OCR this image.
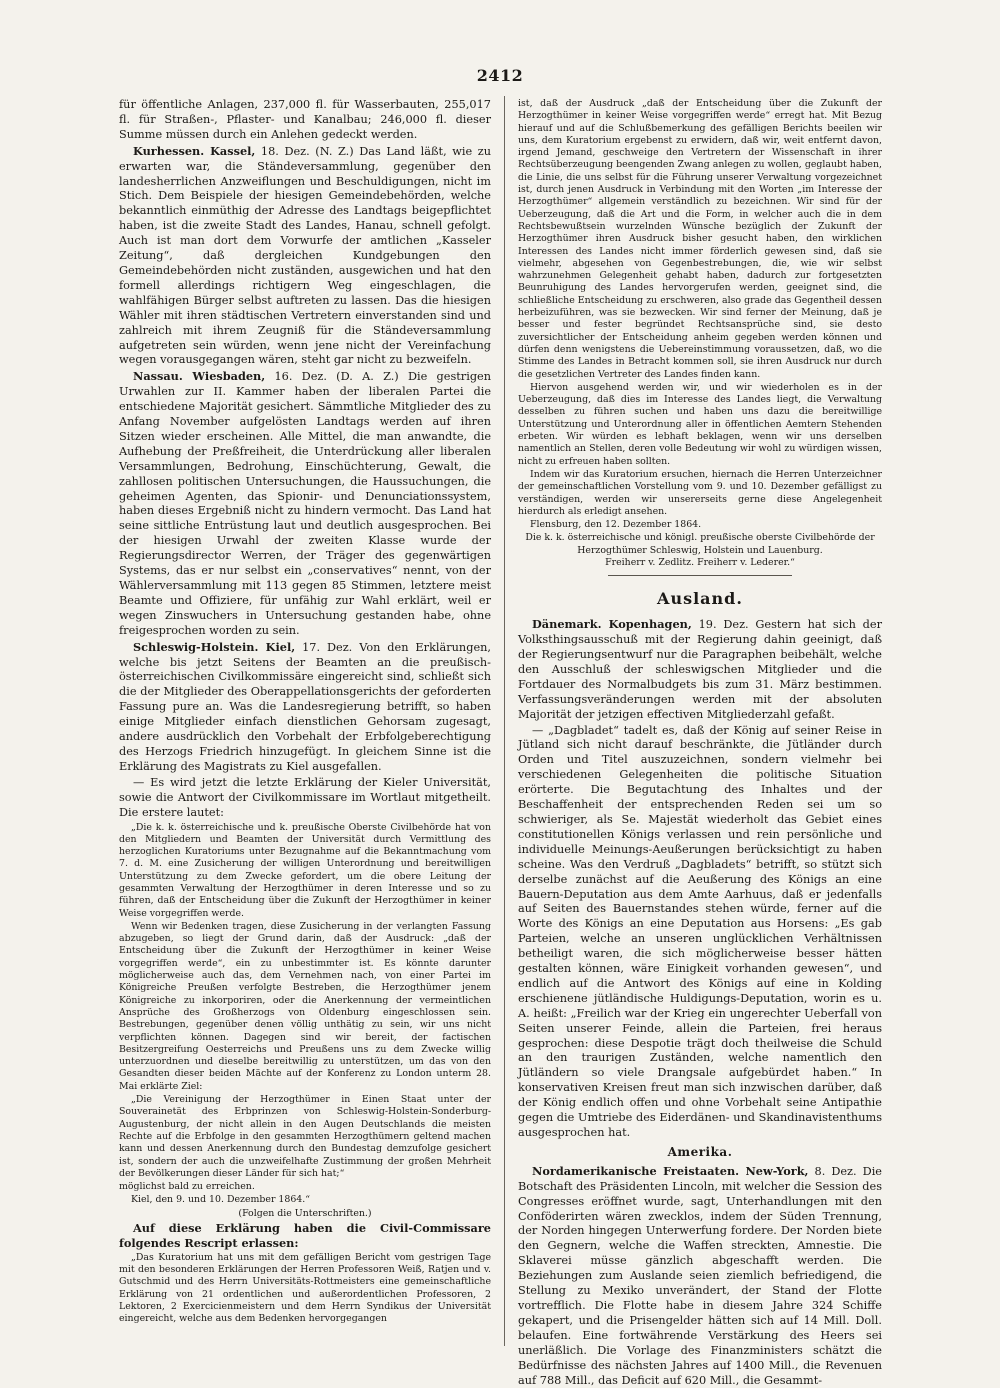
2412

für öffentliche Anlagen, 237,000 fl. für Wasserbauten, 255,017 fl. für Straßen-, Pflaster- und Kanalbau; 246,000 fl. dieser Summe müssen durch ein Anlehen gedeckt werden.

Kurhessen. Kassel, 18. Dez. (N. Z.) Das Land läßt, wie zu erwarten war, die Ständeversammlung, gegenüber den landesherrlichen Anzweiflungen und Beschuldigungen, nicht im Stich. Dem Beispiele der hiesigen Gemeindebehörden, welche bekanntlich einmüthig der Adresse des Landtags beigepflichtet haben, ist die zweite Stadt des Landes, Hanau, schnell gefolgt. Auch ist man dort dem Vorwurfe der amtlichen „Kasseler Zeitung“, daß dergleichen Kundgebungen den Gemeindebehörden nicht zuständen, ausgewichen und hat den formell allerdings richtigern Weg eingeschlagen, die wahlfähigen Bürger selbst auftreten zu lassen. Das die hiesigen Wähler mit ihren städtischen Vertretern einverstanden sind und zahlreich mit ihrem Zeugniß für die Ständeversammlung aufgetreten sein würden, wenn jene nicht der Vereinfachung wegen vorausgegangen wären, steht gar nicht zu bezweifeln.

Nassau. Wiesbaden, 16. Dez. (D. A. Z.) Die gestrigen Urwahlen zur II. Kammer haben der liberalen Partei die entschiedene Majorität gesichert. Sämmtliche Mitglieder des zu Anfang November aufgelösten Landtags werden auf ihren Sitzen wieder erscheinen. Alle Mittel, die man anwandte, die Aufhebung der Preßfreiheit, die Unterdrückung aller liberalen Versammlungen, Bedrohung, Einschüchterung, Gewalt, die zahllosen politischen Untersuchungen, die Haussuchungen, die geheimen Agenten, das Spionir- und Denunciationssystem, haben dieses Ergebniß nicht zu hindern vermocht. Das Land hat seine sittliche Entrüstung laut und deutlich ausgesprochen. Bei der hiesigen Urwahl der zweiten Klasse wurde der Regierungsdirector Werren, der Träger des gegenwärtigen Systems, das er nur selbst ein „conservatives“ nennt, von der Wählerversammlung mit 113 gegen 85 Stimmen, letztere meist Beamte und Offiziere, für unfähig zur Wahl erklärt, weil er wegen Zinswuchers in Untersuchung gestanden habe, ohne freigesprochen worden zu sein.

Schleswig-Holstein. Kiel, 17. Dez. Von den Erklärungen, welche bis jetzt Seitens der Beamten an die preußisch-österreichischen Civilkommissäre eingereicht sind, schließt sich die der Mitglieder des Oberappellationsgerichts der geforderten Fassung pure an. Was die Landesregierung betrifft, so haben einige Mitglieder einfach dienstlichen Gehorsam zugesagt, andere ausdrücklich den Vorbehalt der Erbfolgeberechtigung des Herzogs Friedrich hinzugefügt. In gleichem Sinne ist die Erklärung des Magistrats zu Kiel ausgefallen.

— Es wird jetzt die letzte Erklärung der Kieler Universität, sowie die Antwort der Civilkommissare im Wortlaut mitgetheilt. Die erstere lautet:

„Die k. k. österreichische und k. preußische Oberste Civilbehörde hat von den Mitgliedern und Beamten der Universität durch Vermittlung des herzoglichen Kuratoriums unter Bezugnahme auf die Bekanntmachung vom 7. d. M. eine Zusicherung der willigen Unterordnung und bereitwilligen Unterstützung zu dem Zwecke gefordert, um die obere Leitung der gesammten Verwaltung der Herzogthümer in deren Interesse und so zu führen, daß der Entscheidung über die Zukunft der Herzogthümer in keiner Weise vorgegriffen werde.

Wenn wir Bedenken tragen, diese Zusicherung in der verlangten Fassung abzugeben, so liegt der Grund darin, daß der Ausdruck: „daß der Entscheidung über die Zukunft der Herzogthümer in keiner Weise vorgegriffen werde“, ein zu unbestimmter ist. Es könnte darunter möglicherweise auch das, dem Vernehmen nach, von einer Partei im Königreiche Preußen verfolgte Bestreben, die Herzogthümer jenem Königreiche zu inkorporiren, oder die Anerkennung der vermeintlichen Ansprüche des Großherzogs von Oldenburg eingeschlossen sein. Bestrebungen, gegenüber denen völlig unthätig zu sein, wir uns nicht verpflichten können. Dagegen sind wir bereit, der factischen Besitzergreifung Oesterreichs und Preußens uns zu dem Zwecke willig unterzuordnen und dieselbe bereitwillig zu unterstützen, um das von den Gesandten dieser beiden Mächte auf der Konferenz zu London unterm 28. Mai erklärte Ziel:

„Die Vereinigung der Herzogthümer in Einen Staat unter der Souverainetät des Erbprinzen von Schleswig-Holstein-Sonderburg-Augustenburg, der nicht allein in den Augen Deutschlands die meisten Rechte auf die Erbfolge in den gesammten Herzogthümern geltend machen kann und dessen Anerkennung durch den Bundestag demzufolge gesichert ist, sondern der auch die unzweifelhafte Zustimmung der großen Mehrheit der Bevölkerungen dieser Länder für sich hat;“

möglichst bald zu erreichen.

Kiel, den 9. und 10. Dezember 1864.“

(Folgen die Unterschriften.)

Auf diese Erklärung haben die Civil-Commissare folgendes Rescript erlassen:

„Das Kuratorium hat uns mit dem gefälligen Bericht vom gestrigen Tage mit den besonderen Erklärungen der Herren Professoren Weiß, Ratjen und v. Gutschmid und des Herrn Universitäts-Rottmeisters eine gemeinschaftliche Erklärung von 21 ordentlichen und außerordentlichen Professoren, 2 Lektoren, 2 Exercicienmeistern und dem Herrn Syndikus der Universität eingereicht, welche aus dem Bedenken hervorgegangen

ist, daß der Ausdruck „daß der Entscheidung über die Zukunft der Herzogthümer in keiner Weise vorgegriffen werde“ erregt hat. Mit Bezug hierauf und auf die Schlußbemerkung des gefälligen Berichts beeilen wir uns, dem Kuratorium ergebenst zu erwidern, daß wir, weit entfernt davon, irgend Jemand, geschweige den Vertretern der Wissenschaft in ihrer Rechtsüberzeugung beengenden Zwang anlegen zu wollen, geglaubt haben, die Linie, die uns selbst für die Führung unserer Verwaltung vorgezeichnet ist, durch jenen Ausdruck in Verbindung mit den Worten „im Interesse der Herzogthümer“ allgemein verständlich zu bezeichnen. Wir sind für der Ueberzeugung, daß die Art und die Form, in welcher auch die in dem Rechtsbewußtsein wurzelnden Wünsche bezüglich der Zukunft der Herzogthümer ihren Ausdruck bisher gesucht haben, den wirklichen Interessen des Landes nicht immer förderlich gewesen sind, daß sie vielmehr, abgesehen von Gegenbestrebungen, die, wie wir selbst wahrzunehmen Gelegenheit gehabt haben, dadurch zur fortgesetzten Beunruhigung des Landes hervorgerufen werden, geeignet sind, die schließliche Entscheidung zu erschweren, also grade das Gegentheil dessen herbeizuführen, was sie bezwecken. Wir sind ferner der Meinung, daß je besser und fester begründet Rechtsansprüche sind, sie desto zuversichtlicher der Entscheidung anheim gegeben werden können und dürfen denn wenigstens die Uebereinstimmung voraussetzen, daß, wo die Stimme des Landes in Betracht kommen soll, sie ihren Ausdruck nur durch die gesetzlichen Vertreter des Landes finden kann.

Hiervon ausgehend werden wir, und wir wiederholen es in der Ueberzeugung, daß dies im Interesse des Landes liegt, die Verwaltung desselben zu führen suchen und haben uns dazu die bereitwillige Unterstützung und Unterordnung aller in öffentlichen Aemtern Stehenden erbeten. Wir würden es lebhaft beklagen, wenn wir uns derselben namentlich an Stellen, deren volle Bedeutung wir wohl zu würdigen wissen, nicht zu erfreuen haben sollten.

Indem wir das Kuratorium ersuchen, hiernach die Herren Unterzeichner der gemeinschaftlichen Vorstellung vom 9. und 10. Dezember gefälligst zu verständigen, werden wir unsererseits gerne diese Angelegenheit hierdurch als erledigt ansehen.

Flensburg, den 12. Dezember 1864.

Die k. k. österreichische und königl. preußische oberste Civilbehörde der Herzogthümer Schleswig, Holstein und Lauenburg.

Freiherr v. Zedlitz. Freiherr v. Lederer.“

Ausland.

Dänemark. Kopenhagen, 19. Dez. Gestern hat sich der Volksthingsausschuß mit der Regierung dahin geeinigt, daß der Regierungsentwurf nur die Paragraphen beibehält, welche den Ausschluß der schleswigschen Mitglieder und die Fortdauer des Normalbudgets bis zum 31. März bestimmen. Verfassungsveränderungen werden mit der absoluten Majorität der jetzigen effectiven Mitgliederzahl gefaßt.

— „Dagbladet“ tadelt es, daß der König auf seiner Reise in Jütland sich nicht darauf beschränkte, die Jütländer durch Orden und Titel auszuzeichnen, sondern vielmehr bei verschiedenen Gelegenheiten die politische Situation erörterte. Die Begutachtung des Inhaltes und der Beschaffenheit der entsprechenden Reden sei um so schwieriger, als Se. Majestät wiederholt das Gebiet eines constitutionellen Königs verlassen und rein persönliche und individuelle Meinungs-Aeußerungen berücksichtigt zu haben scheine. Was den Verdruß „Dagbladets“ betrifft, so stützt sich derselbe zunächst auf die Aeußerung des Königs an eine Bauern-Deputation aus dem Amte Aarhuus, daß er jedenfalls auf Seiten des Bauernstandes stehen würde, ferner auf die Worte des Königs an eine Deputation aus Horsens: „Es gab Parteien, welche an unseren unglücklichen Verhältnissen betheiligt waren, die sich möglicherweise besser hätten gestalten können, wäre Einigkeit vorhanden gewesen“, und endlich auf die Antwort des Königs auf eine in Kolding erschienene jütländische Huldigungs-Deputation, worin es u. A. heißt: „Freilich war der Krieg ein ungerechter Ueberfall von Seiten unserer Feinde, allein die Parteien, frei heraus gesprochen: diese Despotie trägt doch theilweise die Schuld an den traurigen Zuständen, welche namentlich den Jütländern so viele Drangsale aufgebürdet haben.“ In konservativen Kreisen freut man sich inzwischen darüber, daß der König endlich offen und ohne Vorbehalt seine Antipathie gegen die Umtriebe des Eiderdänen- und Skandinavistenthums ausgesprochen hat.

Amerika.

Nordamerikanische Freistaaten. New-York, 8. Dez. Die Botschaft des Präsidenten Lincoln, mit welcher die Session des Congresses eröffnet wurde, sagt, Unterhandlungen mit den Conföderirten wären zwecklos, indem der Süden Trennung, der Norden hingegen Unterwerfung fordere. Der Norden biete den Gegnern, welche die Waffen streckten, Amnestie. Die Sklaverei müsse gänzlich abgeschafft werden. Die Beziehungen zum Auslande seien ziemlich befriedigend, die Stellung zu Mexiko unverändert, der Stand der Flotte vortrefflich. Die Flotte habe in diesem Jahre 324 Schiffe gekapert, und die Prisengelder hätten sich auf 14 Mill. Doll. belaufen. Eine fortwährende Verstärkung des Heers sei unerläßlich. Die Vorlage des Finanzministers schätzt die Bedürfnisse des nächsten Jahres auf 1400 Mill., die Revenuen auf 788 Mill., das Deficit auf 620 Mill., die Gesammt-
